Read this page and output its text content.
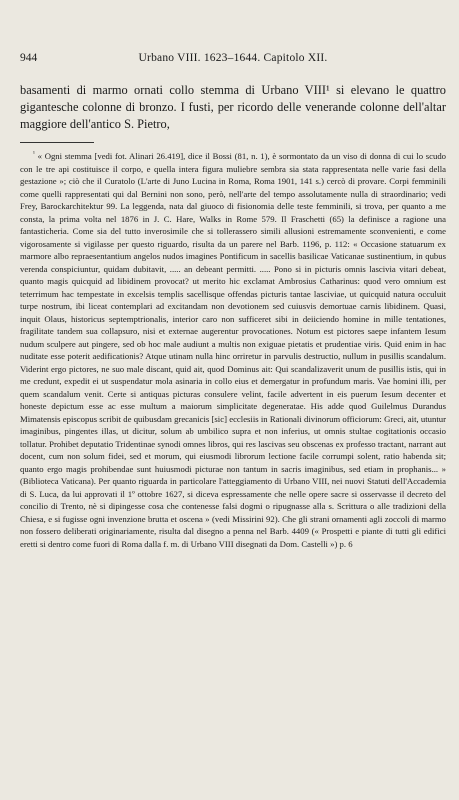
944	Urbano VIII. 1623–1644. Capitolo XII.

basamenti di marmo ornati collo stemma di Urbano VIII¹ si elevano le quattro gigantesche colonne di bronzo. I fusti, per ricordo delle venerande colonne dell'altar maggiore dell'antico S. Pietro,

$^{^1}$ « Ogni stemma [vedi fot. Alinari 26.419], dice il Bossi (81, n. 1), è sormontato da un viso di donna di cui lo scudo con le tre api costituisce il corpo, e quella intera figura muliebre sembra sia stata rappresentata nelle varie fasi della gestazione »; ciò che il Curatolo (L'arte di Juno Lucina in Roma, Roma 1901, 141 s.) cercò di provare. Corpi femminili come quelli rappresentati qui dal Bernini non sono, però, nell'arte del tempo assolutamente nulla di straordinario; vedi Frey, Barockarchitektur 99. La leggenda, nata dal giuoco di fisionomia delle teste femminili, si trova, per quanto a me consta, la prima volta nel 1876 in J. C. Hare, Walks in Rome 579. Il Fraschetti (65) la definisce a ragione una fantasticheria. Come sia del tutto inverosimile che si tollerassero simili allusioni estremamente sconvenienti, e come vigorosamente si vigilasse per questo riguardo, risulta da un parere nel Barb. 1196, p. 112: « Occasione statuarum ex marmore albo repraesentantium angelos nudos imagines Pontificum in sacellis basilicae Vaticanae sustinentium, in qubus verenda conspiciuntur, quidam dubitavit, ..... an debeant permitti. ..... Pono si in picturis omnis lascivia vitari debeat, quanto magis quicquid ad libidinem provocat? ut merito hic exclamat Ambrosius Catharinus: quod vero omnium est teterrimum hac tempestate in excelsis templis sacellisque offendas picturis tantae lasciviae, ut quicquid natura occuluit turpe nostrum, ibi liceat contemplari ad excitandam non devotionem sed cuiusvis demortuae carnis libidinem. Quasi, inquit Olaus, historicus septemptrionalis, interior caro non sufficeret sibi in deiiciendo homine in mille tentationes, fragilitate tandem sua collapsuro, nisi et externae augerentur provocationes. Notum est pictores saepe infantem Iesum nudum sculpere aut pingere, sed ob hoc male audiunt a multis non exiguae pietatis et prudentiae viris. Quid enim in hac nuditate esse poterit aedificationis? Atque utinam nulla hinc orriretur in parvulis destructio, nullum in pusillis scandalum. Viderint ergo pictores, ne suo male discant, quid ait, quod Dominus ait: Qui scandalizaverit unum de pusillis istis, qui in me credunt, expedit ei ut suspendatur mola asinaria in collo eius et demergatur in profundum maris. Vae homini illi, per quem scandalum venit. Certe si antiquas picturas consulere velint, facile advertent in eis puerum Iesum decenter et honeste depictum esse ac esse multum a maiorum simplicitate degeneratae. His adde quod Guilelmus Durandus Mimatensis episcopus scribit de quibusdam grecanicis [sic] ecclesiis in Rationali divinorum officiorum: Greci, ait, utuntur imaginibus, pingentes illas, ut dicitur, solum ab umbilico supra et non inferius, ut omnis stultae cogitationis occasio tollatur. Prohibet deputatio Tridentinae synodi omnes libros, qui res lascivas seu obscenas ex professo tractant, narrant aut docent, cum non solum fidei, sed et morum, qui eiusmodi librorum lectione facile corrumpi solent, ratio habenda sit; quanto ergo magis prohibendae sunt huiusmodi picturae non tantum in sacris imaginibus, sed etiam in prophanis... » (Biblioteca Vaticana). Per quanto riguarda in particolare l'atteggiamento di Urbano VIII, nei nuovi Statuti dell'Accademia di S. Luca, da lui approvati il 1º ottobre 1627, si diceva espressamente che nelle opere sacre si osservasse il decreto del concilio di Trento, nè si dipingesse cosa che contenesse falsi dogmi o ripugnasse alla s. Scrittura o alle tradizioni della Chiesa, e si fugisse ogni invenzione brutta et oscena » (vedi Missirini 92). Che gli strani ornamenti agli zoccoli di marmo non fossero deliberati originariamente, risulta dal disegno a penna nel Barb. 4409 (« Prospetti e piante di tutti gli edifici eretti si dentro come fuori di Roma dalla f. m. di Urbano VIII disegnati da Dom. Castelli ») p. 6
